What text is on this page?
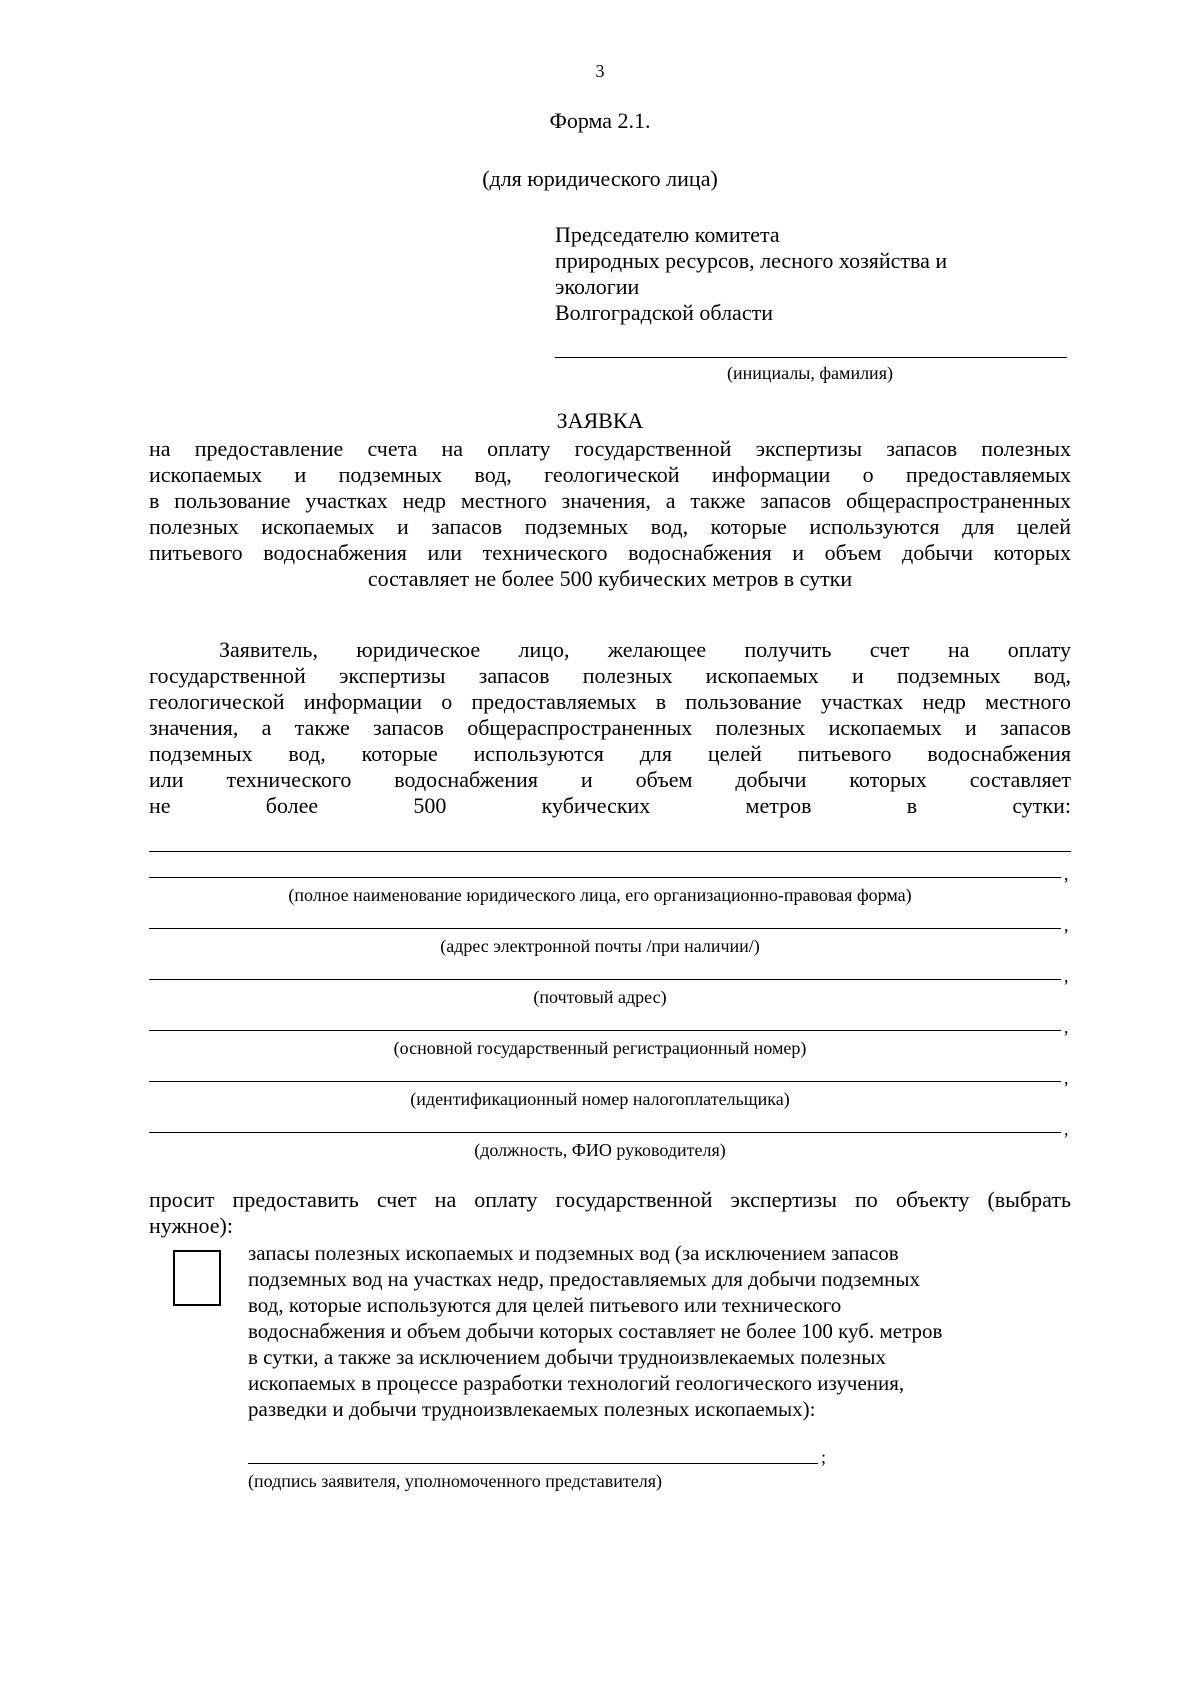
3
Форма 2.1.
(для юридического лица)
Председателю комитета
природных ресурсов, лесного хозяйства и
экологии
Волгоградской области
(инициалы, фамилия)
ЗАЯВКА
на предоставление счета на оплату государственной экспертизы запасов полезных
ископаемых и подземных вод, геологической информации о предоставляемых
в пользование участках недр местного значения, а также запасов общераспространенных
полезных ископаемых и запасов подземных вод, которые используются для целей
питьевого водоснабжения или технического водоснабжения и объем добычи которых
составляет не более 500 кубических метров в сутки
Заявитель, юридическое лицо, желающее получить счет на оплату
государственной экспертизы запасов полезных ископаемых и подземных вод,
геологической информации о предоставляемых в пользование участках недр местного
значения, а также запасов общераспространенных полезных ископаемых и запасов
подземных вод, которые используются для целей питьевого водоснабжения
или технического водоснабжения и объем добычи которых составляет
не более 500 кубических метров в сутки:
,
(полное наименование юридического лица, его организационно-правовая форма)
,
(адрес электронной почты /при наличии/)
,
(почтовый адрес)
,
(основной государственный регистрационный номер)
,
(идентификационный номер налогоплательщика)
,
(должность, ФИО руководителя)
просит предоставить счет на оплату государственной экспертизы по объекту (выбрать
нужное):
запасы полезных ископаемых и подземных вод (за исключением запасов
подземных вод на участках недр, предоставляемых для добычи подземных
вод, которые используются для целей питьевого или технического
водоснабжения и объем добычи которых составляет не более 100 куб. метров
в сутки, а также за исключением добычи трудноизвлекаемых полезных
ископаемых в процессе разработки технологий геологического изучения,
разведки и добычи трудноизвлекаемых полезных ископаемых):
;
(подпись заявителя, уполномоченного представителя)
